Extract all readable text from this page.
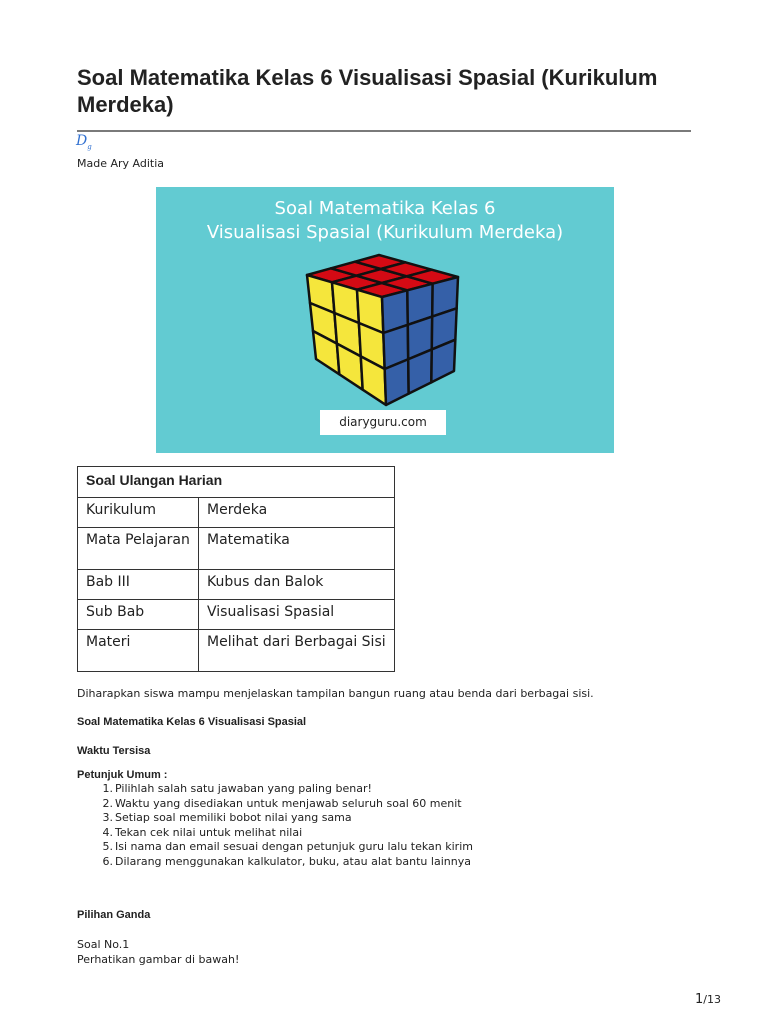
Soal Matematika Kelas 6 Visualisasi Spasial (Kurikulum Merdeka)
$D_g$
Made Ary Aditia
Soal Matematika Kelas 6
Visualisasi Spasial (Kurikulum Merdeka)
diaryguru.com
Soal Ulangan Harian	
Kurikulum	Merdeka
Mata Pelajaran	Matematika
Bab III	Kubus dan Balok
Sub Bab	Visualisasi Spasial
Materi	Melihat dari Berbagai Sisi

Diharapkan siswa mampu menjelaskan tampilan bangun ruang atau benda dari berbagai sisi.

Soal Matematika Kelas 6 Visualisasi Spasial

Waktu Tersisa

Petunjuk Umum :

1. Pilihlah salah satu jawaban yang paling benar!
2. Waktu yang disediakan untuk menjawab seluruh soal 60 menit
3. Setiap soal memiliki bobot nilai yang sama
4. Tekan cek nilai untuk melihat nilai
5. Isi nama dan email sesuai dengan petunjuk guru lalu tekan kirim
6. Dilarang menggunakan kalkulator, buku, atau alat bantu lainnya

Pilihan Ganda

Soal No.1

Perhatikan gambar di bawah!

1/13
